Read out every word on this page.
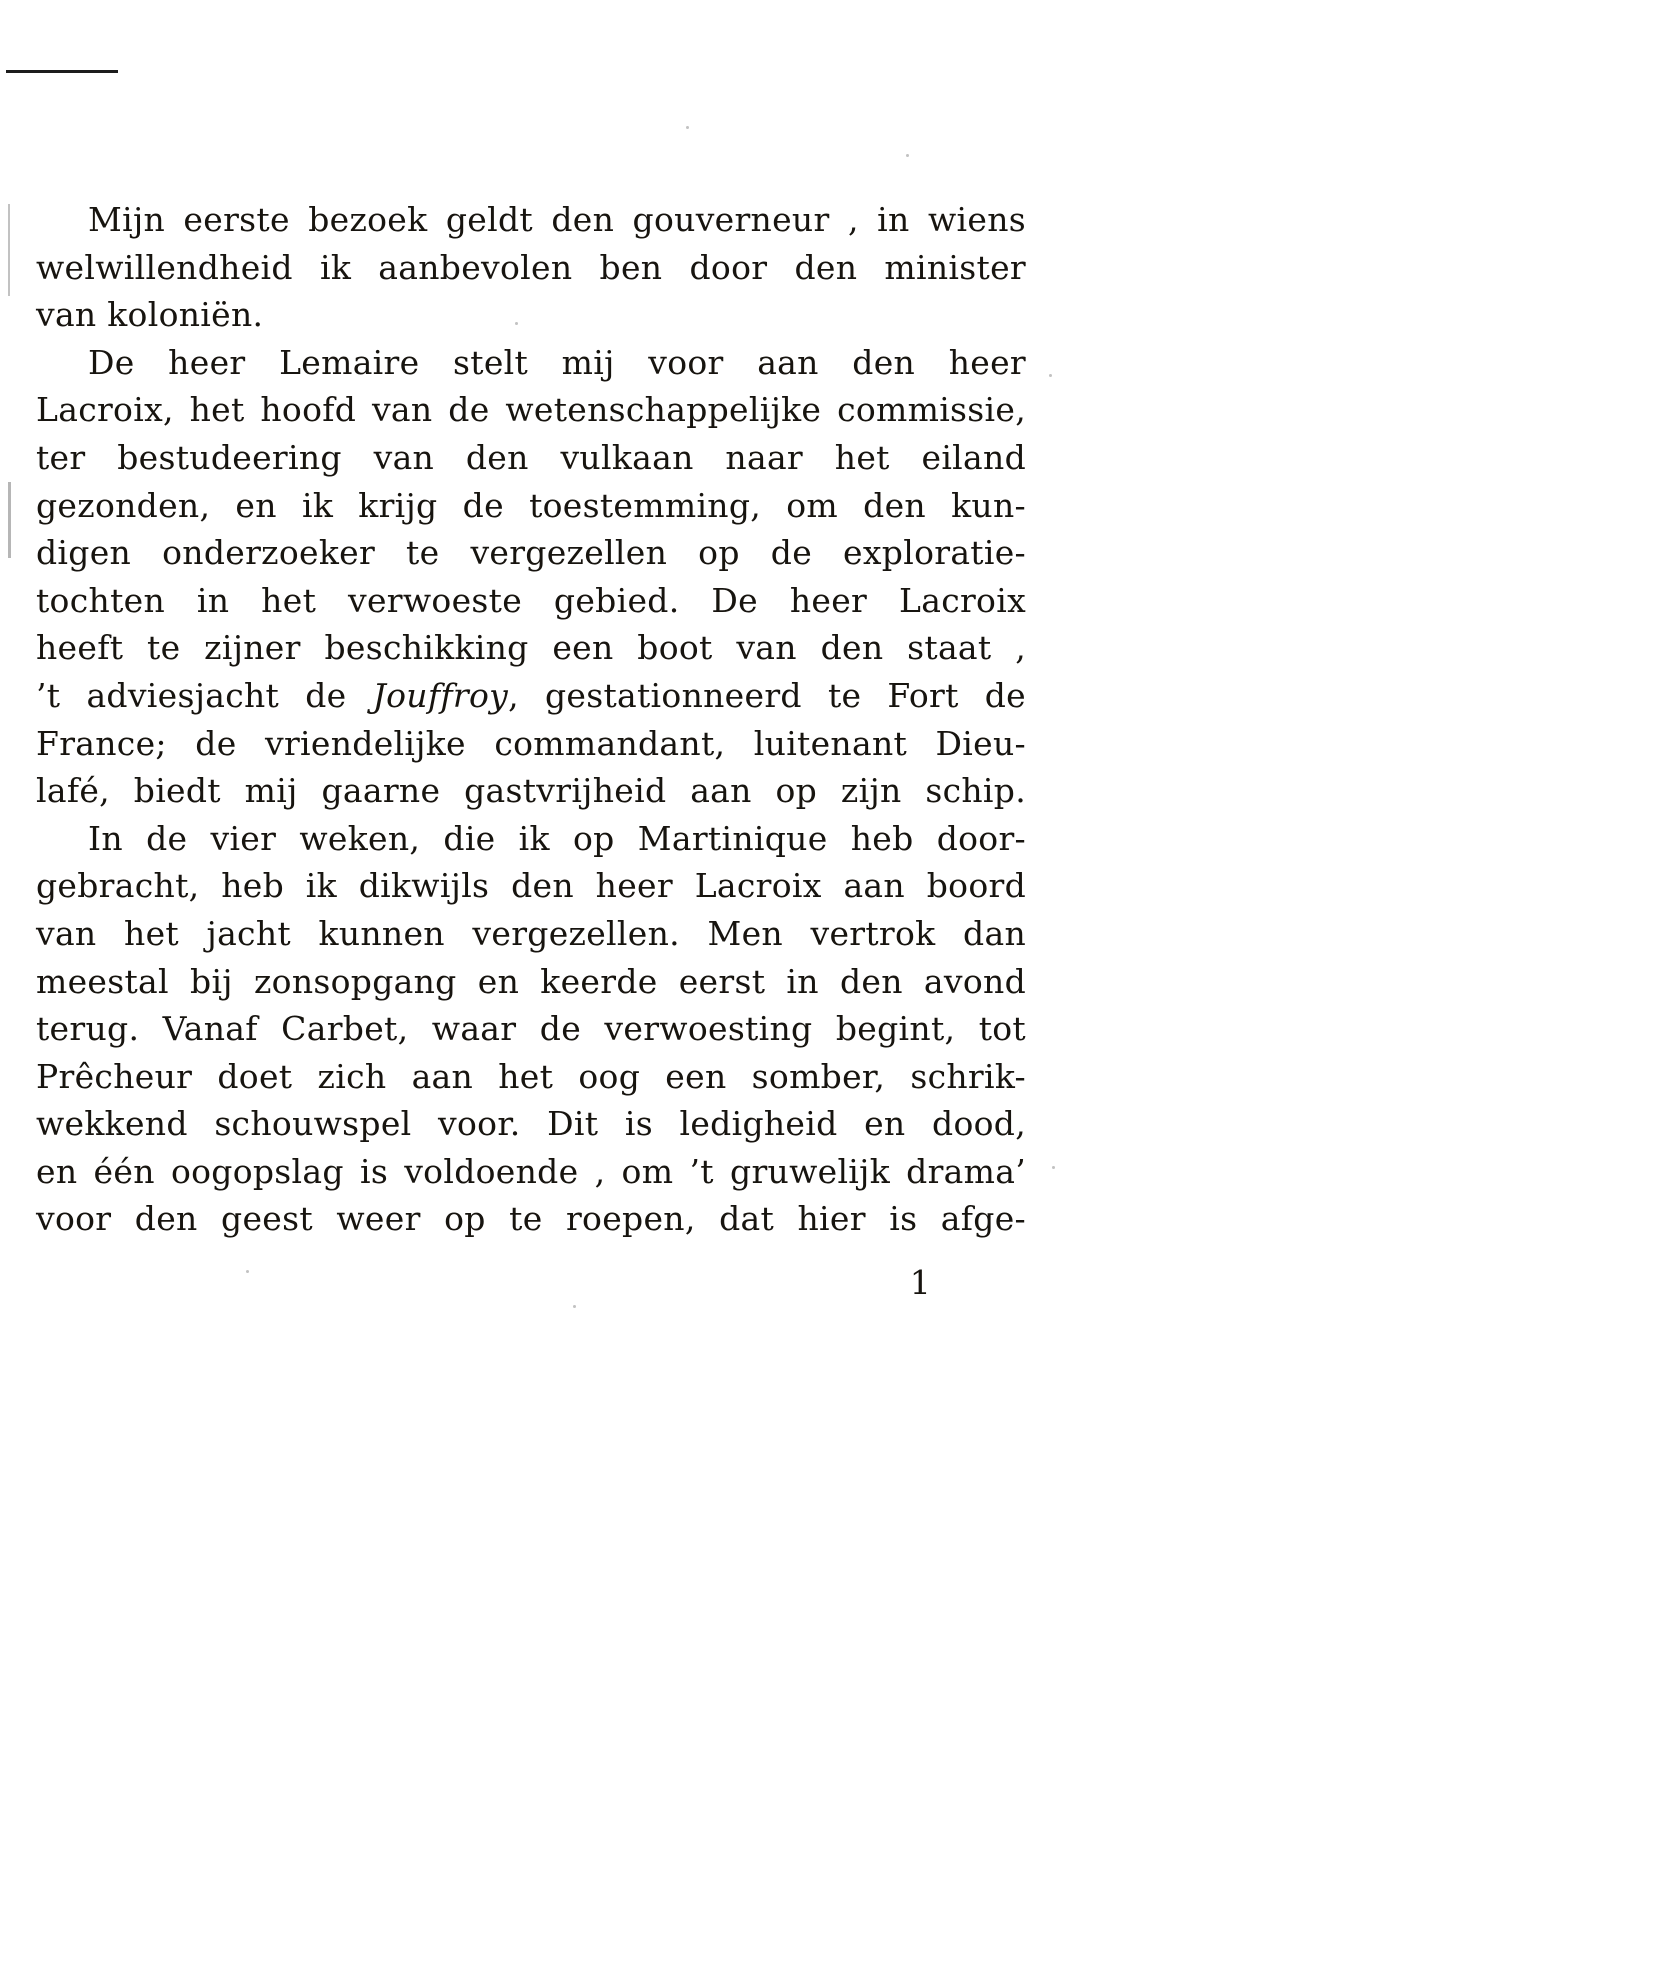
Mijn eerste bezoek geldt den gouverneur , in wiens
welwillendheid ik aanbevolen ben door den minister
van koloniën.
De heer Lemaire stelt mij voor aan den heer
Lacroix, het hoofd van de wetenschappelijke commissie,
ter bestudeering van den vulkaan naar het eiland
gezonden, en ik krijg de toestemming, om den kun-
digen onderzoeker te vergezellen op de exploratie-
tochten in het verwoeste gebied. De heer Lacroix
heeft te zijner beschikking een boot van den staat ,
’t adviesjacht de Jouffroy, gestationneerd te Fort de
France; de vriendelijke commandant, luitenant Dieu-
lafé, biedt mij gaarne gastvrijheid aan op zijn schip.
In de vier weken, die ik op Martinique heb door-
gebracht, heb ik dikwijls den heer Lacroix aan boord
van het jacht kunnen vergezellen. Men vertrok dan
meestal bij zonsopgang en keerde eerst in den avond
terug. Vanaf Carbet, waar de verwoesting begint, tot
Prêcheur doet zich aan het oog een somber, schrik-
wekkend schouwspel voor. Dit is ledigheid en dood,
en één oogopslag is voldoende , om ’t gruwelijk drama’
voor den geest weer op te roepen, dat hier is afge-
1
